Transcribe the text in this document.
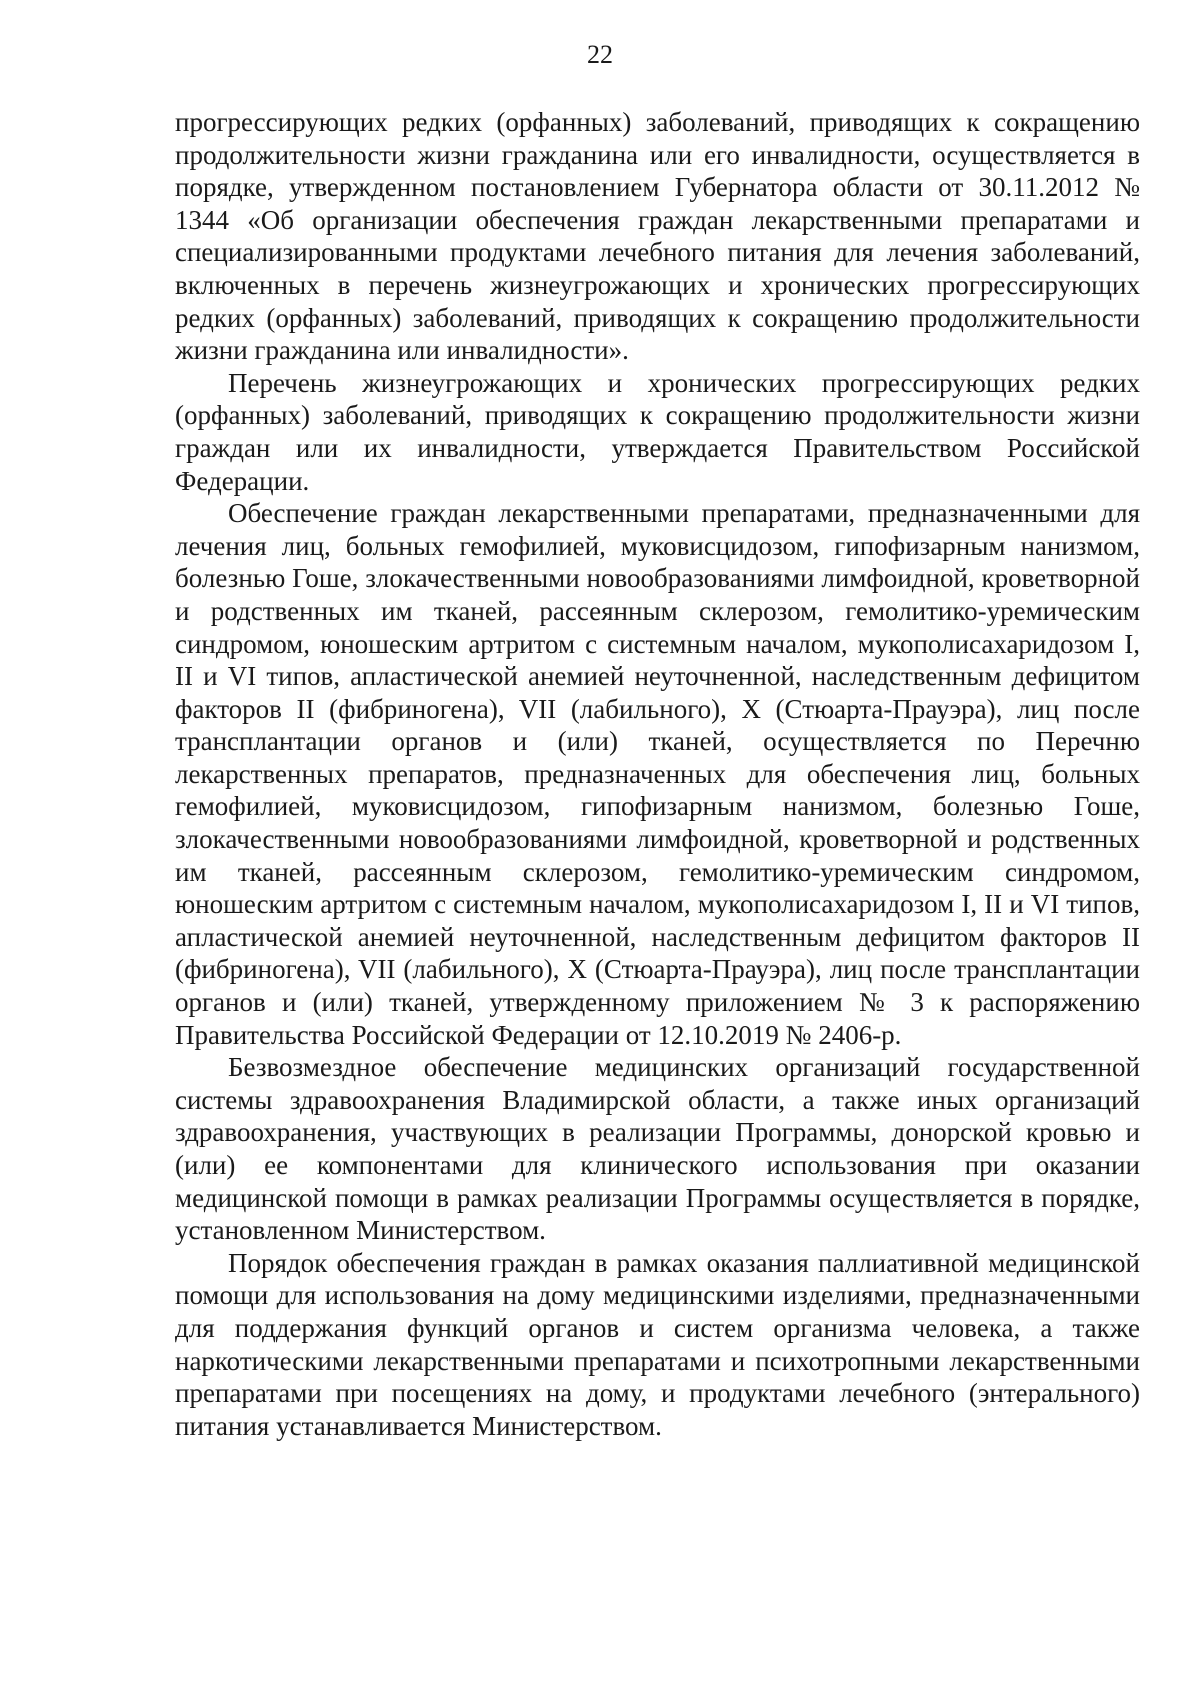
22

прогрессирующих редких (орфанных) заболеваний, приводящих к сокращению продолжительности жизни гражданина или его инвалидности, осуществляется в порядке, утвержденном постановлением Губернатора области от 30.11.2012 № 1344 «Об организации обеспечения граждан лекарственными препаратами и специализированными продуктами лечебного питания для лечения заболеваний, включенных в перечень жизнеугрожающих и хронических прогрессирующих редких (орфанных) заболеваний, приводящих к сокращению продолжительности жизни гражданина или инвалидности».

Перечень жизнеугрожающих и хронических прогрессирующих редких (орфанных) заболеваний, приводящих к сокращению продолжительности жизни граждан или их инвалидности, утверждается Правительством Российской Федерации.

Обеспечение граждан лекарственными препаратами, предназначенными для лечения лиц, больных гемофилией, муковисцидозом, гипофизарным нанизмом, болезнью Гоше, злокачественными новообразованиями лимфоидной, кроветворной и родственных им тканей, рассеянным склерозом, гемолитико-уремическим синдромом, юношеским артритом с системным началом, мукополисахаридозом I, II и VI типов, апластической анемией неуточненной, наследственным дефицитом факторов II (фибриногена), VII (лабильного), X (Стюарта-Прауэра), лиц после трансплантации органов и (или) тканей, осуществляется по Перечню лекарственных препаратов, предназначенных для обеспечения лиц, больных гемофилией, муковисцидозом, гипофизарным нанизмом, болезнью Гоше, злокачественными новообразованиями лимфоидной, кроветворной и родственных им тканей, рассеянным склерозом, гемолитико-уремическим синдромом, юношеским артритом с системным началом, мукополисахаридозом I, II и VI типов, апластической анемией неуточненной, наследственным дефицитом факторов II (фибриногена), VII (лабильного), X (Стюарта-Прауэра), лиц после трансплантации органов и (или) тканей, утвержденному приложением № 3 к распоряжению Правительства Российской Федерации от 12.10.2019 № 2406-р.

Безвозмездное обеспечение медицинских организаций государственной системы здравоохранения Владимирской области, а также иных организаций здравоохранения, участвующих в реализации Программы, донорской кровью и (или) ее компонентами для клинического использования при оказании медицинской помощи в рамках реализации Программы осуществляется в порядке, установленном Министерством.

Порядок обеспечения граждан в рамках оказания паллиативной медицинской помощи для использования на дому медицинскими изделиями, предназначенными для поддержания функций органов и систем организма человека, а также наркотическими лекарственными препаратами и психотропными лекарственными препаратами при посещениях на дому, и продуктами лечебного (энтерального) питания устанавливается Министерством.
